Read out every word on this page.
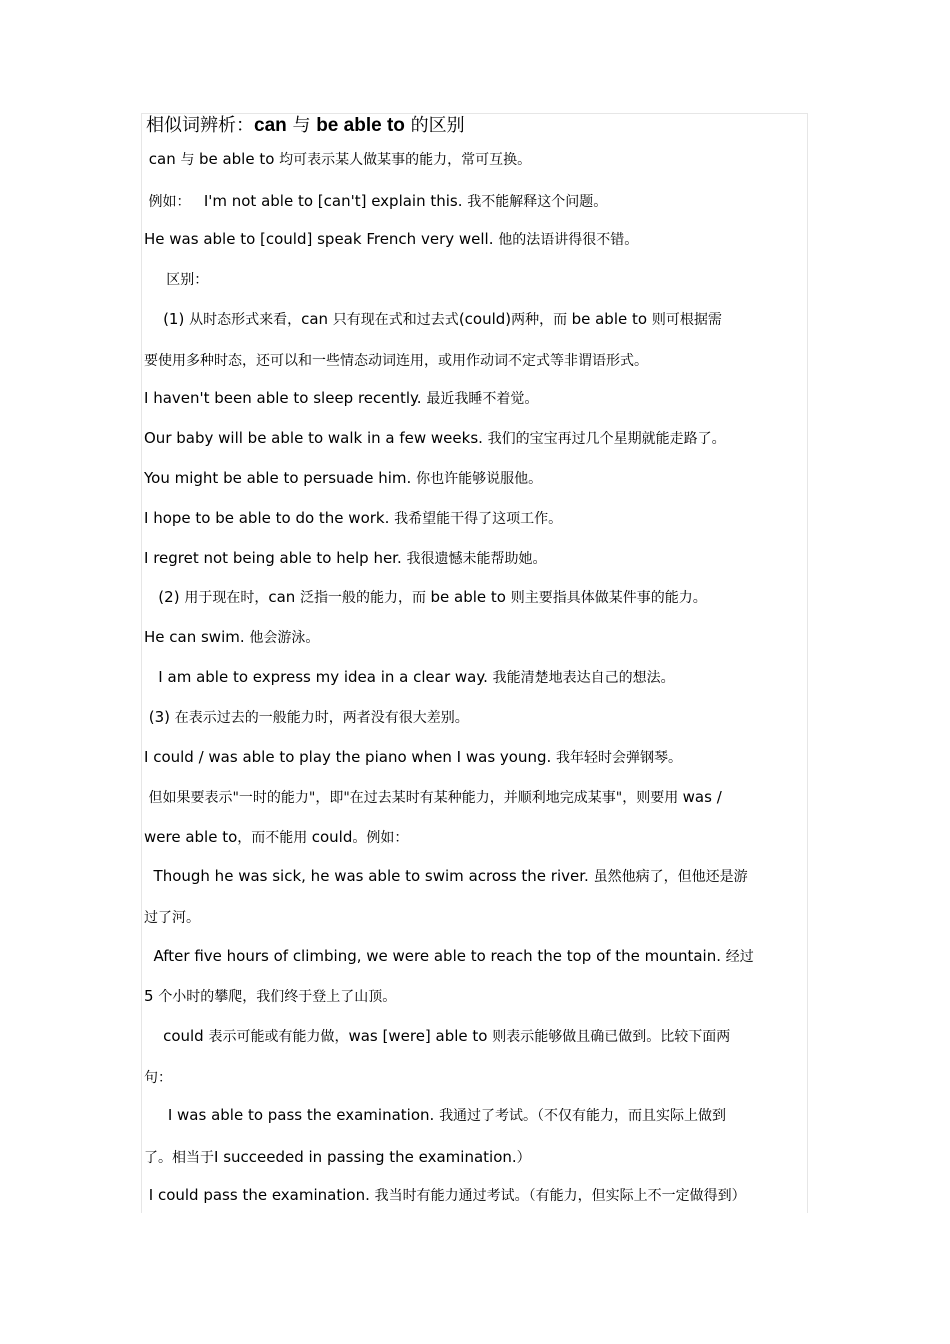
相似词辨析：can 与 be able to 的区别
can 与 be able to 均可表示某人做某事的能力，常可互换。
例如：   I'm not able to [can't] explain this. 我不能解释这个问题。
He was able to [could] speak French very well. 他的法语讲得很不错。
区别：
(1) 从时态形式来看，can 只有现在式和过去式(could)两种，而 be able to 则可根据需
要使用多种时态，还可以和一些情态动词连用，或用作动词不定式等非谓语形式。
I haven't been able to sleep recently. 最近我睡不着觉。
Our baby will be able to walk in a few weeks. 我们的宝宝再过几个星期就能走路了。
You might be able to persuade him. 你也许能够说服他。
I hope to be able to do the work. 我希望能干得了这项工作。
I regret not being able to help her. 我很遗憾未能帮助她。
(2) 用于现在时，can 泛指一般的能力，而 be able to 则主要指具体做某件事的能力。
He can swim. 他会游泳。
I am able to express my idea in a clear way. 我能清楚地表达自己的想法。
(3) 在表示过去的一般能力时，两者没有很大差别。
I could / was able to play the piano when I was young. 我年轻时会弹钢琴。
但如果要表示"一时的能力"，即"在过去某时有某种能力，并顺利地完成某事"，则要用 was /
were able to，而不能用 could。例如：
Though he was sick, he was able to swim across the river. 虽然他病了，但他还是游
过了河。
After five hours of climbing, we were able to reach the top of the mountain. 经过
5 个小时的攀爬，我们终于登上了山顶。
could 表示可能或有能力做，was [were] able to 则表示能够做且确已做到。比较下面两
句：
I was able to pass the examination. 我通过了考试。（不仅有能力，而且实际上做到
了。相当于I succeeded in passing the examination.）
I could pass the examination. 我当时有能力通过考试。（有能力，但实际上不一定做得到）
